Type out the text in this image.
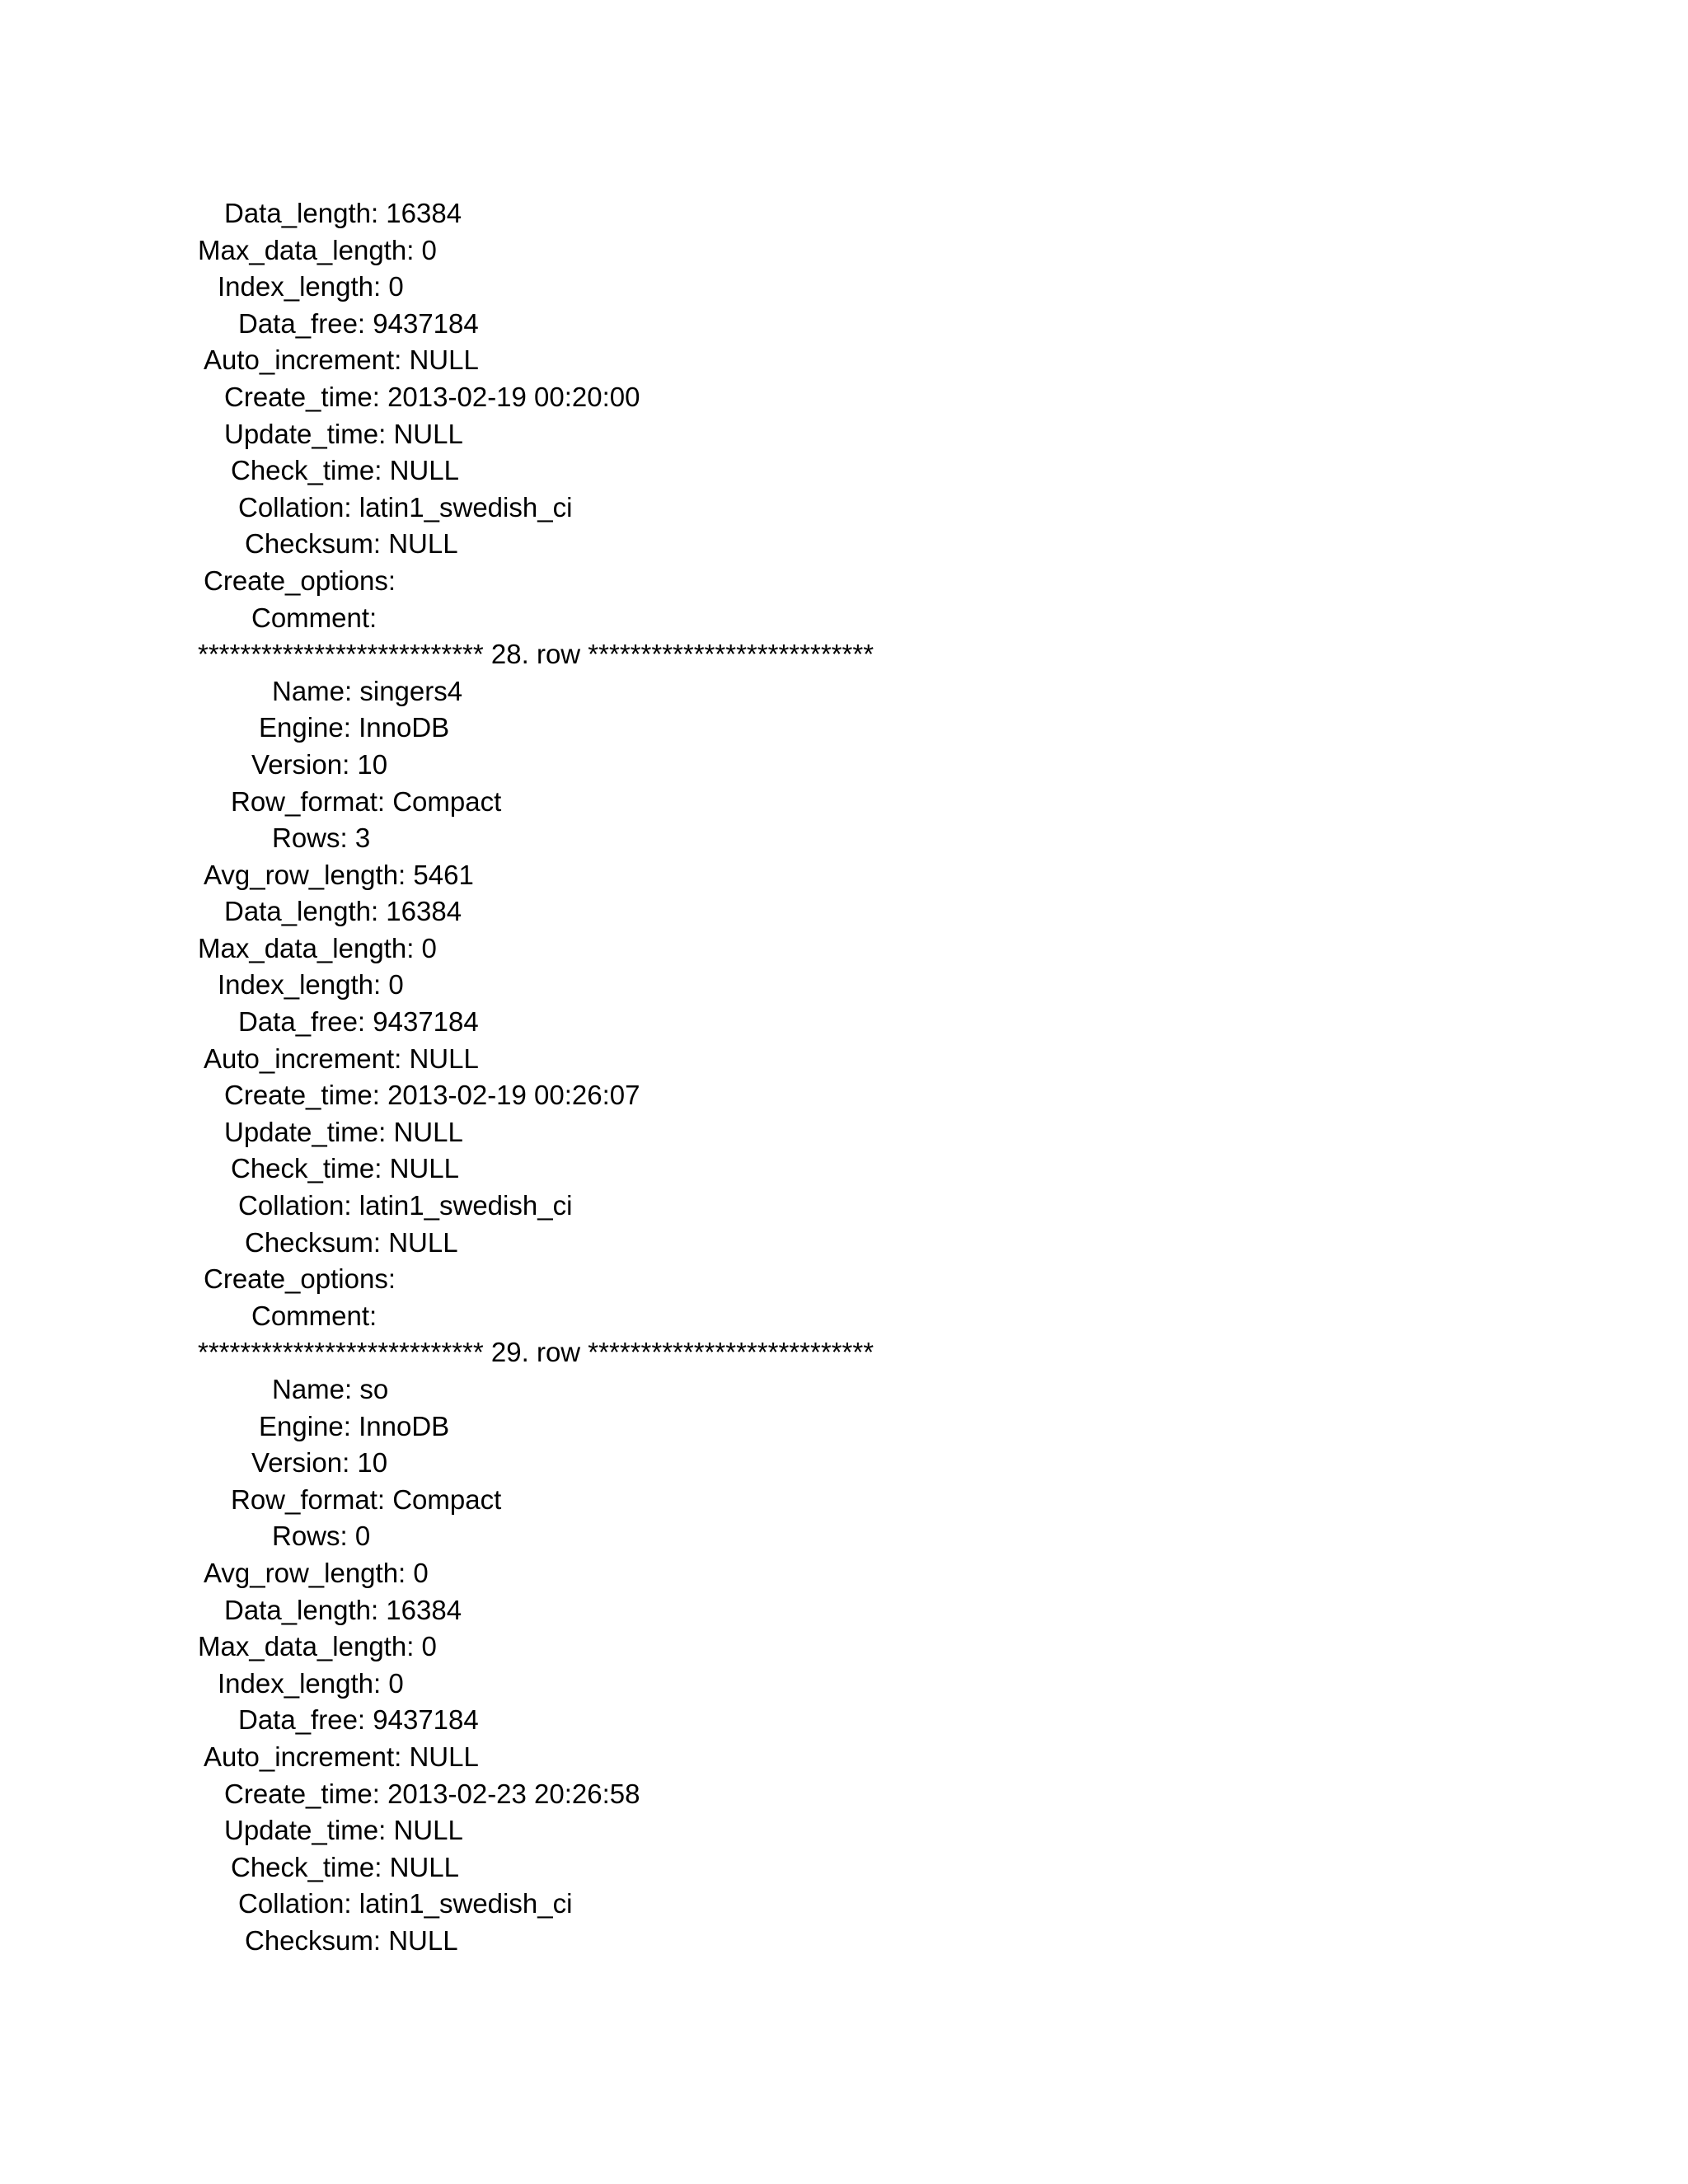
Data_length: 16384
Max_data_length: 0
Index_length: 0
Data_free: 9437184
Auto_increment: NULL
Create_time: 2013-02-19 00:20:00
Update_time: NULL
Check_time: NULL
Collation: latin1_swedish_ci
Checksum: NULL
Create_options:
Comment:
*************************** 28. row ***************************
Name: singers4
Engine: InnoDB
Version: 10
Row_format: Compact
Rows: 3
Avg_row_length: 5461
Data_length: 16384
Max_data_length: 0
Index_length: 0
Data_free: 9437184
Auto_increment: NULL
Create_time: 2013-02-19 00:26:07
Update_time: NULL
Check_time: NULL
Collation: latin1_swedish_ci
Checksum: NULL
Create_options:
Comment:
*************************** 29. row ***************************
Name: so
Engine: InnoDB
Version: 10
Row_format: Compact
Rows: 0
Avg_row_length: 0
Data_length: 16384
Max_data_length: 0
Index_length: 0
Data_free: 9437184
Auto_increment: NULL
Create_time: 2013-02-23 20:26:58
Update_time: NULL
Check_time: NULL
Collation: latin1_swedish_ci
Checksum: NULL
